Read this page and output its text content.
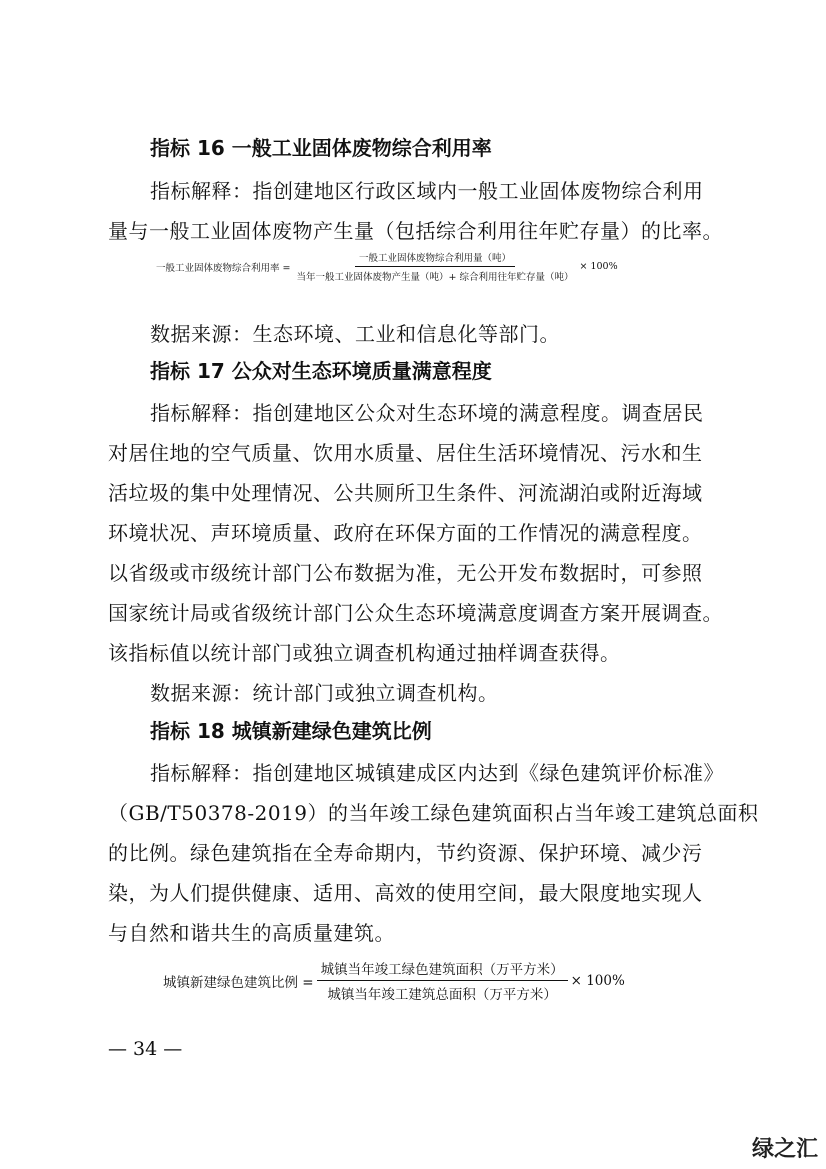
指标 16 一般工业固体废物综合利用率
指标解释：指创建地区行政区域内一般工业固体废物综合利用
量与一般工业固体废物产生量（包括综合利用往年贮存量）的比率。
一般工业固体废物综合利用率 = $\frac{\text{一般工业固体废物综合利用量（吨）}}{\text{当年一般工业固体废物产生量（吨）+ 综合利用往年贮存量（吨）}} \times 100\%$
数据来源：生态环境、工业和信息化等部门。
指标 17 公众对生态环境质量满意程度
指标解释：指创建地区公众对生态环境的满意程度。调查居民
对居住地的空气质量、饮用水质量、居住生活环境情况、污水和生
活垃圾的集中处理情况、公共厕所卫生条件、河流湖泊或附近海域
环境状况、声环境质量、政府在环保方面的工作情况的满意程度。
以省级或市级统计部门公布数据为准，无公开发布数据时，可参照
国家统计局或省级统计部门公众生态环境满意度调查方案开展调查。
该指标值以统计部门或独立调查机构通过抽样调查获得。
数据来源：统计部门或独立调查机构。
指标 18 城镇新建绿色建筑比例
指标解释：指创建地区城镇建成区内达到《绿色建筑评价标准》
（GB/T50378-2019）的当年竣工绿色建筑面积占当年竣工建筑总面积
的比例。绿色建筑指在全寿命期内，节约资源、保护环境、减少污
染，为人们提供健康、适用、高效的使用空间，最大限度地实现人
与自然和谐共生的高质量建筑。
城镇新建绿色建筑比例 = $\frac{\text{城镇当年竣工绿色建筑面积（万平方米）}}{\text{城镇当年竣工建筑总面积（万平方米）}} \times 100\%$
— 34 —
绿之汇
